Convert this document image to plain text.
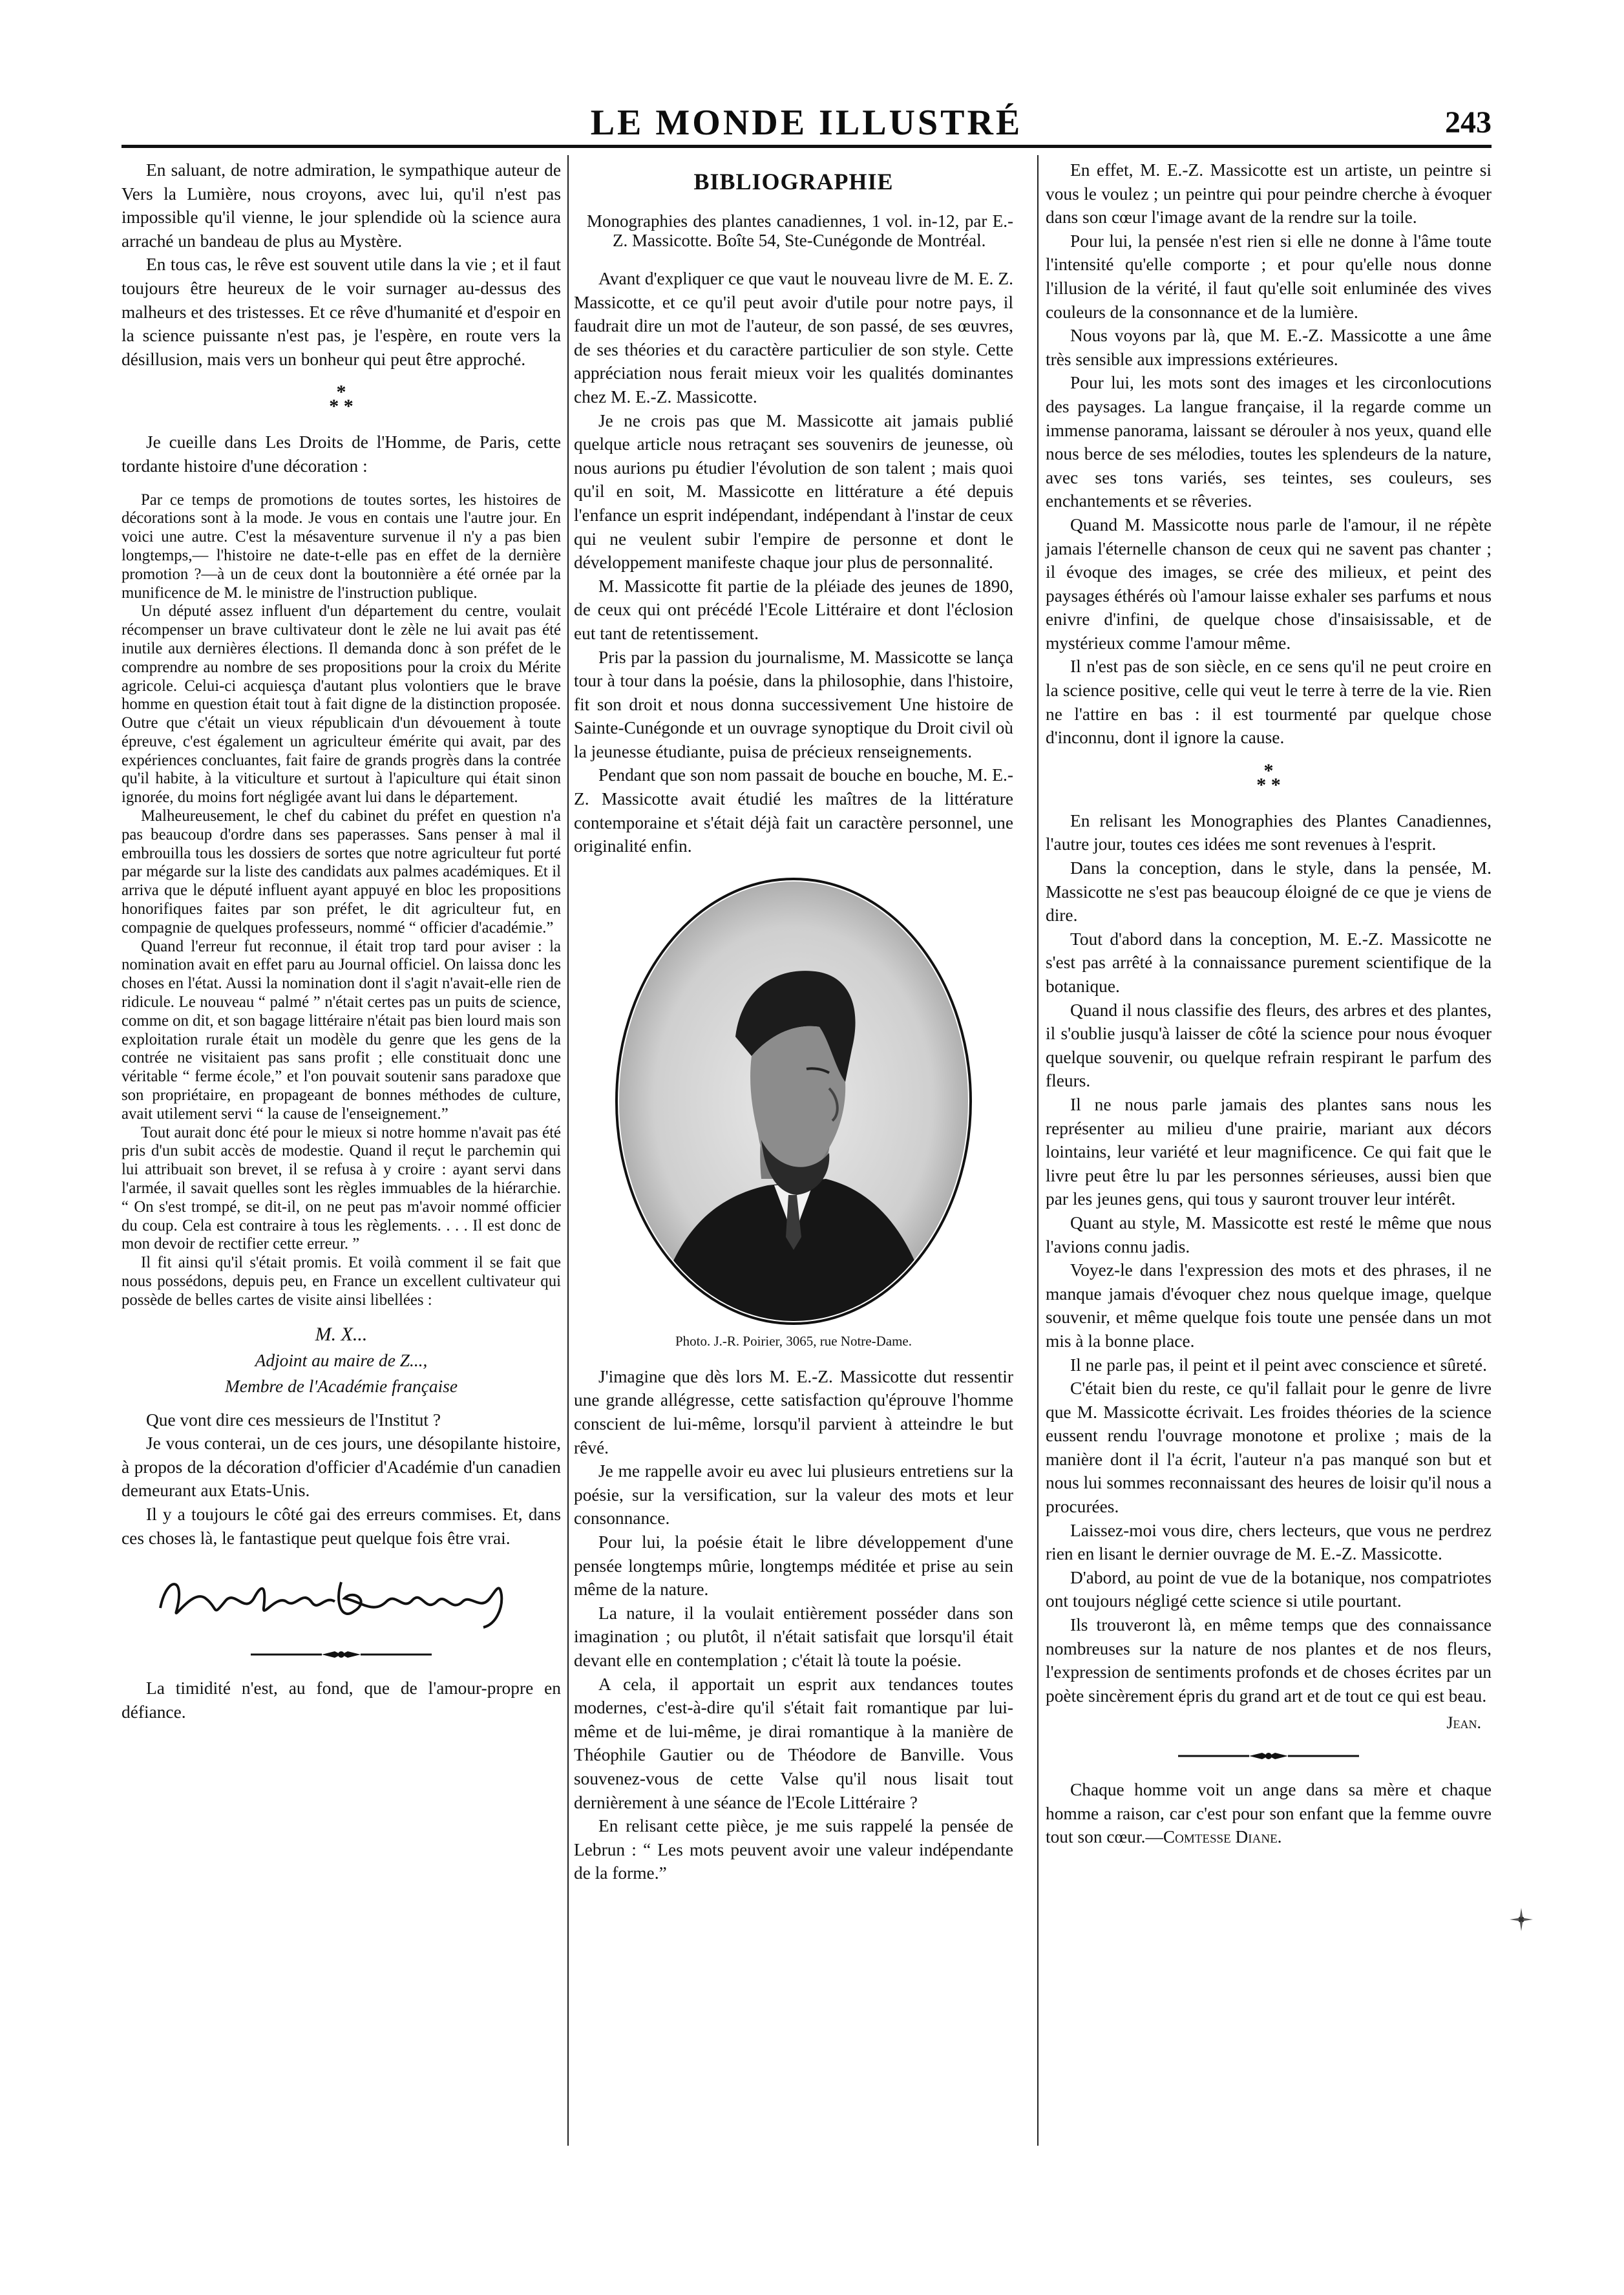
LE MONDE ILLUSTRÉ	243

En saluant, de notre admiration, le sympathique auteur de Vers la Lumière, nous croyons, avec lui, qu'il n'est pas impossible qu'il vienne, le jour splendide où la science aura arraché un bandeau de plus au Mystère.

En tous cas, le rêve est souvent utile dans la vie ; et il faut toujours être heureux de le voir surnager au-dessus des malheurs et des tristesses. Et ce rêve d'humanité et d'espoir en la science puissante n'est pas, je l'espère, en route vers la désillusion, mais vers un bonheur qui peut être approché.

*
* *

Je cueille dans Les Droits de l'Homme, de Paris, cette tordante histoire d'une décoration :

Par ce temps de promotions de toutes sortes, les histoires de décorations sont à la mode. Je vous en contais une l'autre jour. En voici une autre. C'est la mésaventure survenue il n'y a pas bien longtemps,— l'histoire ne date-t-elle pas en effet de la dernière promotion ?—à un de ceux dont la boutonnière a été ornée par la munificence de M. le ministre de l'instruction publique.

Un député assez influent d'un département du centre, voulait récompenser un brave cultivateur dont le zèle ne lui avait pas été inutile aux dernières élections. Il demanda donc à son préfet de le comprendre au nombre de ses propositions pour la croix du Mérite agricole. Celui-ci acquiesça d'autant plus volontiers que le brave homme en question était tout à fait digne de la distinction proposée. Outre que c'était un vieux républicain d'un dévouement à toute épreuve, c'est également un agriculteur émérite qui avait, par des expériences concluantes, fait faire de grands progrès dans la contrée qu'il habite, à la viticulture et surtout à l'apiculture qui était sinon ignorée, du moins fort négligée avant lui dans le département.

Malheureusement, le chef du cabinet du préfet en question n'a pas beaucoup d'ordre dans ses paperasses. Sans penser à mal il embrouilla tous les dossiers de sortes que notre agriculteur fut porté par mégarde sur la liste des candidats aux palmes académiques. Et il arriva que le député influent ayant appuyé en bloc les propositions honorifiques faites par son préfet, le dit agriculteur fut, en compagnie de quelques professeurs, nommé “ officier d'académie.”

Quand l'erreur fut reconnue, il était trop tard pour aviser : la nomination avait en effet paru au Journal officiel. On laissa donc les choses en l'état. Aussi la nomination dont il s'agit n'avait-elle rien de ridicule. Le nouveau “ palmé ” n'était certes pas un puits de science, comme on dit, et son bagage littéraire n'était pas bien lourd mais son exploitation rurale était un modèle du genre que les gens de la contrée ne visitaient pas sans profit ; elle constituait donc une véritable “ ferme école,” et l'on pouvait soutenir sans paradoxe que son propriétaire, en propageant de bonnes méthodes de culture, avait utilement servi “ la cause de l'enseignement.”

Tout aurait donc été pour le mieux si notre homme n'avait pas été pris d'un subit accès de modestie. Quand il reçut le parchemin qui lui attribuait son brevet, il se refusa à y croire : ayant servi dans l'armée, il savait quelles sont les règles immuables de la hiérarchie. “ On s'est trompé, se dit-il, on ne peut pas m'avoir nommé officier du coup. Cela est contraire à tous les règlements. . . . Il est donc de mon devoir de rectifier cette erreur. ”

Il fit ainsi qu'il s'était promis. Et voilà comment il se fait que nous possédons, depuis peu, en France un excellent cultivateur qui possède de belles cartes de visite ainsi libellées :

M. X...
Adjoint au maire de Z...,
Membre de l'Académie française

Que vont dire ces messieurs de l'Institut ?

Je vous conterai, un de ces jours, une désopilante histoire, à propos de la décoration d'officier d'Académie d'un canadien demeurant aux Etats-Unis.

Il y a toujours le côté gai des erreurs commises. Et, dans ces choses là, le fantastique peut quelque fois être vrai.

La timidité n'est, au fond, que de l'amour-propre en défiance.

BIBLIOGRAPHIE
Monographies des plantes canadiennes, 1 vol. in-12, par E.-Z. Massicotte. Boîte 54, Ste-Cunégonde de Montréal.

Avant d'expliquer ce que vaut le nouveau livre de M. E. Z. Massicotte, et ce qu'il peut avoir d'utile pour notre pays, il faudrait dire un mot de l'auteur, de son passé, de ses œuvres, de ses théories et du caractère particulier de son style. Cette appréciation nous ferait mieux voir les qualités dominantes chez M. E.-Z. Massicotte.

Je ne crois pas que M. Massicotte ait jamais publié quelque article nous retraçant ses souvenirs de jeunesse, où nous aurions pu étudier l'évolution de son talent ; mais quoi qu'il en soit, M. Massicotte en littérature a été depuis l'enfance un esprit indépendant, indépendant à l'instar de ceux qui ne veulent subir l'empire de personne et dont le développement manifeste chaque jour plus de personnalité.

M. Massicotte fit partie de la pléiade des jeunes de 1890, de ceux qui ont précédé l'Ecole Littéraire et dont l'éclosion eut tant de retentissement.

Pris par la passion du journalisme, M. Massicotte se lança tour à tour dans la poésie, dans la philosophie, dans l'histoire, fit son droit et nous donna successivement Une histoire de Sainte-Cunégonde et un ouvrage synoptique du Droit civil où la jeunesse étudiante, puisa de précieux renseignements.

Pendant que son nom passait de bouche en bouche, M. E.-Z. Massicotte avait étudié les maîtres de la littérature contemporaine et s'était déjà fait un caractère personnel, une originalité enfin.

Photo. J.-R. Poirier, 3065, rue Notre-Dame.

J'imagine que dès lors M. E.-Z. Massicotte dut ressentir une grande allégresse, cette satisfaction qu'éprouve l'homme conscient de lui-même, lorsqu'il parvient à atteindre le but rêvé.

Je me rappelle avoir eu avec lui plusieurs entretiens sur la poésie, sur la versification, sur la valeur des mots et leur consonnance.

Pour lui, la poésie était le libre développement d'une pensée longtemps mûrie, longtemps méditée et prise au sein même de la nature.

La nature, il la voulait entièrement posséder dans son imagination ; ou plutôt, il n'était satisfait que lorsqu'il était devant elle en contemplation ; c'était là toute la poésie.

A cela, il apportait un esprit aux tendances toutes modernes, c'est-à-dire qu'il s'était fait romantique par lui-même et de lui-même, je dirai romantique à la manière de Théophile Gautier ou de Théodore de Banville. Vous souvenez-vous de cette Valse qu'il nous lisait tout dernièrement à une séance de l'Ecole Littéraire ?

En relisant cette pièce, je me suis rappelé la pensée de Lebrun : “ Les mots peuvent avoir une valeur indépendante de la forme.”

En effet, M. E.-Z. Massicotte est un artiste, un peintre si vous le voulez ; un peintre qui pour peindre cherche à évoquer dans son cœur l'image avant de la rendre sur la toile.

Pour lui, la pensée n'est rien si elle ne donne à l'âme toute l'intensité qu'elle comporte ; et pour qu'elle nous donne l'illusion de la vérité, il faut qu'elle soit enluminée des vives couleurs de la consonnance et de la lumière.

Nous voyons par là, que M. E.-Z. Massicotte a une âme très sensible aux impressions extérieures.

Pour lui, les mots sont des images et les circonlocutions des paysages. La langue française, il la regarde comme un immense panorama, laissant se dérouler à nos yeux, quand elle nous berce de ses mélodies, toutes les splendeurs de la nature, avec ses tons variés, ses teintes, ses couleurs, ses enchantements et se rêveries.

Quand M. Massicotte nous parle de l'amour, il ne répète jamais l'éternelle chanson de ceux qui ne savent pas chanter ; il évoque des images, se crée des milieux, et peint des paysages éthérés où l'amour laisse exhaler ses parfums et nous enivre d'infini, de quelque chose d'insaisissable, et de mystérieux comme l'amour même.

Il n'est pas de son siècle, en ce sens qu'il ne peut croire en la science positive, celle qui veut le terre à terre de la vie. Rien ne l'attire en bas : il est tourmenté par quelque chose d'inconnu, dont il ignore la cause.

*
* *

En relisant les Monographies des Plantes Canadiennes, l'autre jour, toutes ces idées me sont revenues à l'esprit.

Dans la conception, dans le style, dans la pensée, M. Massicotte ne s'est pas beaucoup éloigné de ce que je viens de dire.

Tout d'abord dans la conception, M. E.-Z. Massicotte ne s'est pas arrêté à la connaissance purement scientifique de la botanique.

Quand il nous classifie des fleurs, des arbres et des plantes, il s'oublie jusqu'à laisser de côté la science pour nous évoquer quelque souvenir, ou quelque refrain respirant le parfum des fleurs.

Il ne nous parle jamais des plantes sans nous les représenter au milieu d'une prairie, mariant aux décors lointains, leur variété et leur magnificence. Ce qui fait que le livre peut être lu par les personnes sérieuses, aussi bien que par les jeunes gens, qui tous y sauront trouver leur intérêt.

Quant au style, M. Massicotte est resté le même que nous l'avions connu jadis.

Voyez-le dans l'expression des mots et des phrases, il ne manque jamais d'évoquer chez nous quelque image, quelque souvenir, et même quelque fois toute une pensée dans un mot mis à la bonne place.

Il ne parle pas, il peint et il peint avec conscience et sûreté.

C'était bien du reste, ce qu'il fallait pour le genre de livre que M. Massicotte écrivait. Les froides théories de la science eussent rendu l'ouvrage monotone et prolixe ; mais de la manière dont il l'a écrit, l'auteur n'a pas manqué son but et nous lui sommes reconnaissant des heures de loisir qu'il nous a procurées.

Laissez-moi vous dire, chers lecteurs, que vous ne perdrez rien en lisant le dernier ouvrage de M. E.-Z. Massicotte.

D'abord, au point de vue de la botanique, nos compatriotes ont toujours négligé cette science si utile pourtant.

Ils trouveront là, en même temps que des connaissance nombreuses sur la nature de nos plantes et de nos fleurs, l'expression de sentiments profonds et de choses écrites par un poète sincèrement épris du grand art et de tout ce qui est beau.

Jean.

Chaque homme voit un ange dans sa mère et chaque homme a raison, car c'est pour son enfant que la femme ouvre tout son cœur.—Comtesse Diane.
